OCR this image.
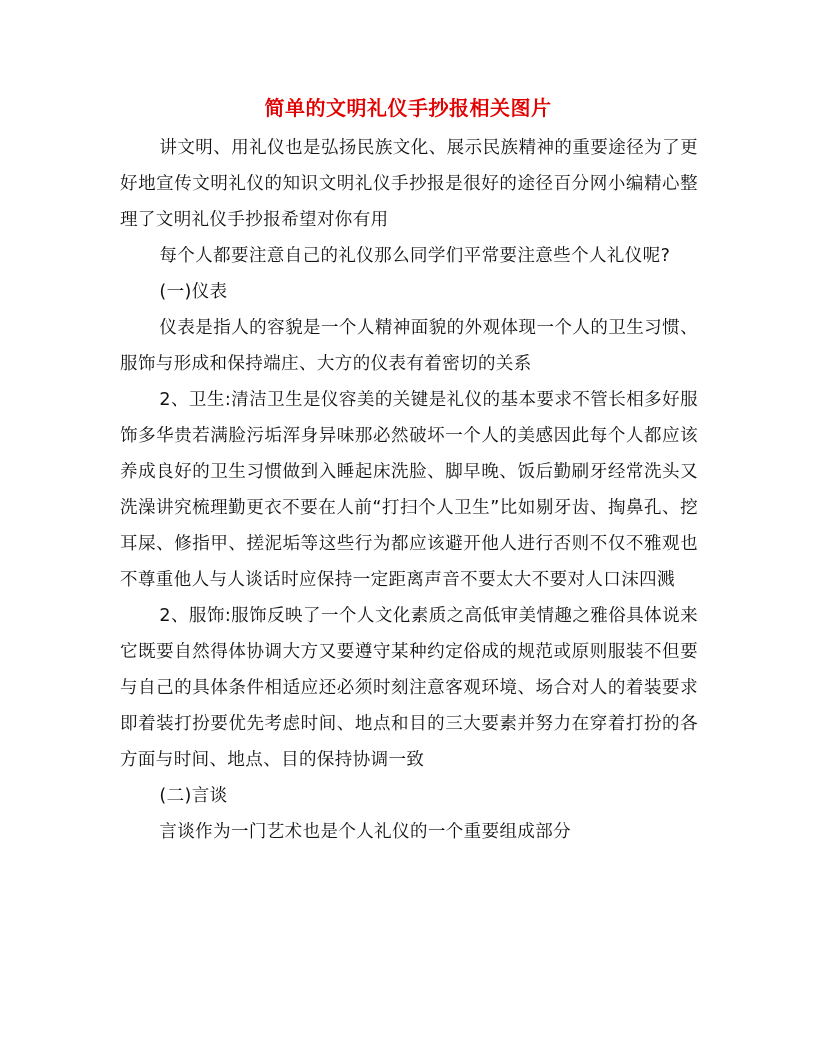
简单的文明礼仪手抄报相关图片

讲文明、用礼仪也是弘扬民族文化、展示民族精神的重要途径为了更好地宣传文明礼仪的知识文明礼仪手抄报是很好的途径百分网小编精心整理了文明礼仪手抄报希望对你有用

每个人都要注意自己的礼仪那么同学们平常要注意些个人礼仪呢?

(一)仪表

仪表是指人的容貌是一个人精神面貌的外观体现一个人的卫生习惯、服饰与形成和保持端庄、大方的仪表有着密切的关系

2、卫生:清洁卫生是仪容美的关键是礼仪的基本要求不管长相多好服饰多华贵若满脸污垢浑身异味那必然破坏一个人的美感因此每个人都应该养成良好的卫生习惯做到入睡起床洗脸、脚早晚、饭后勤刷牙经常洗头又洗澡讲究梳理勤更衣不要在人前“打扫个人卫生”比如剔牙齿、掏鼻孔、挖耳屎、修指甲、搓泥垢等这些行为都应该避开他人进行否则不仅不雅观也不尊重他人与人谈话时应保持一定距离声音不要太大不要对人口沫四溅

2、服饰:服饰反映了一个人文化素质之高低审美情趣之雅俗具体说来它既要自然得体协调大方又要遵守某种约定俗成的规范或原则服装不但要与自己的具体条件相适应还必须时刻注意客观环境、场合对人的着装要求即着装打扮要优先考虑时间、地点和目的三大要素并努力在穿着打扮的各方面与时间、地点、目的保持协调一致

(二)言谈

言谈作为一门艺术也是个人礼仪的一个重要组成部分
